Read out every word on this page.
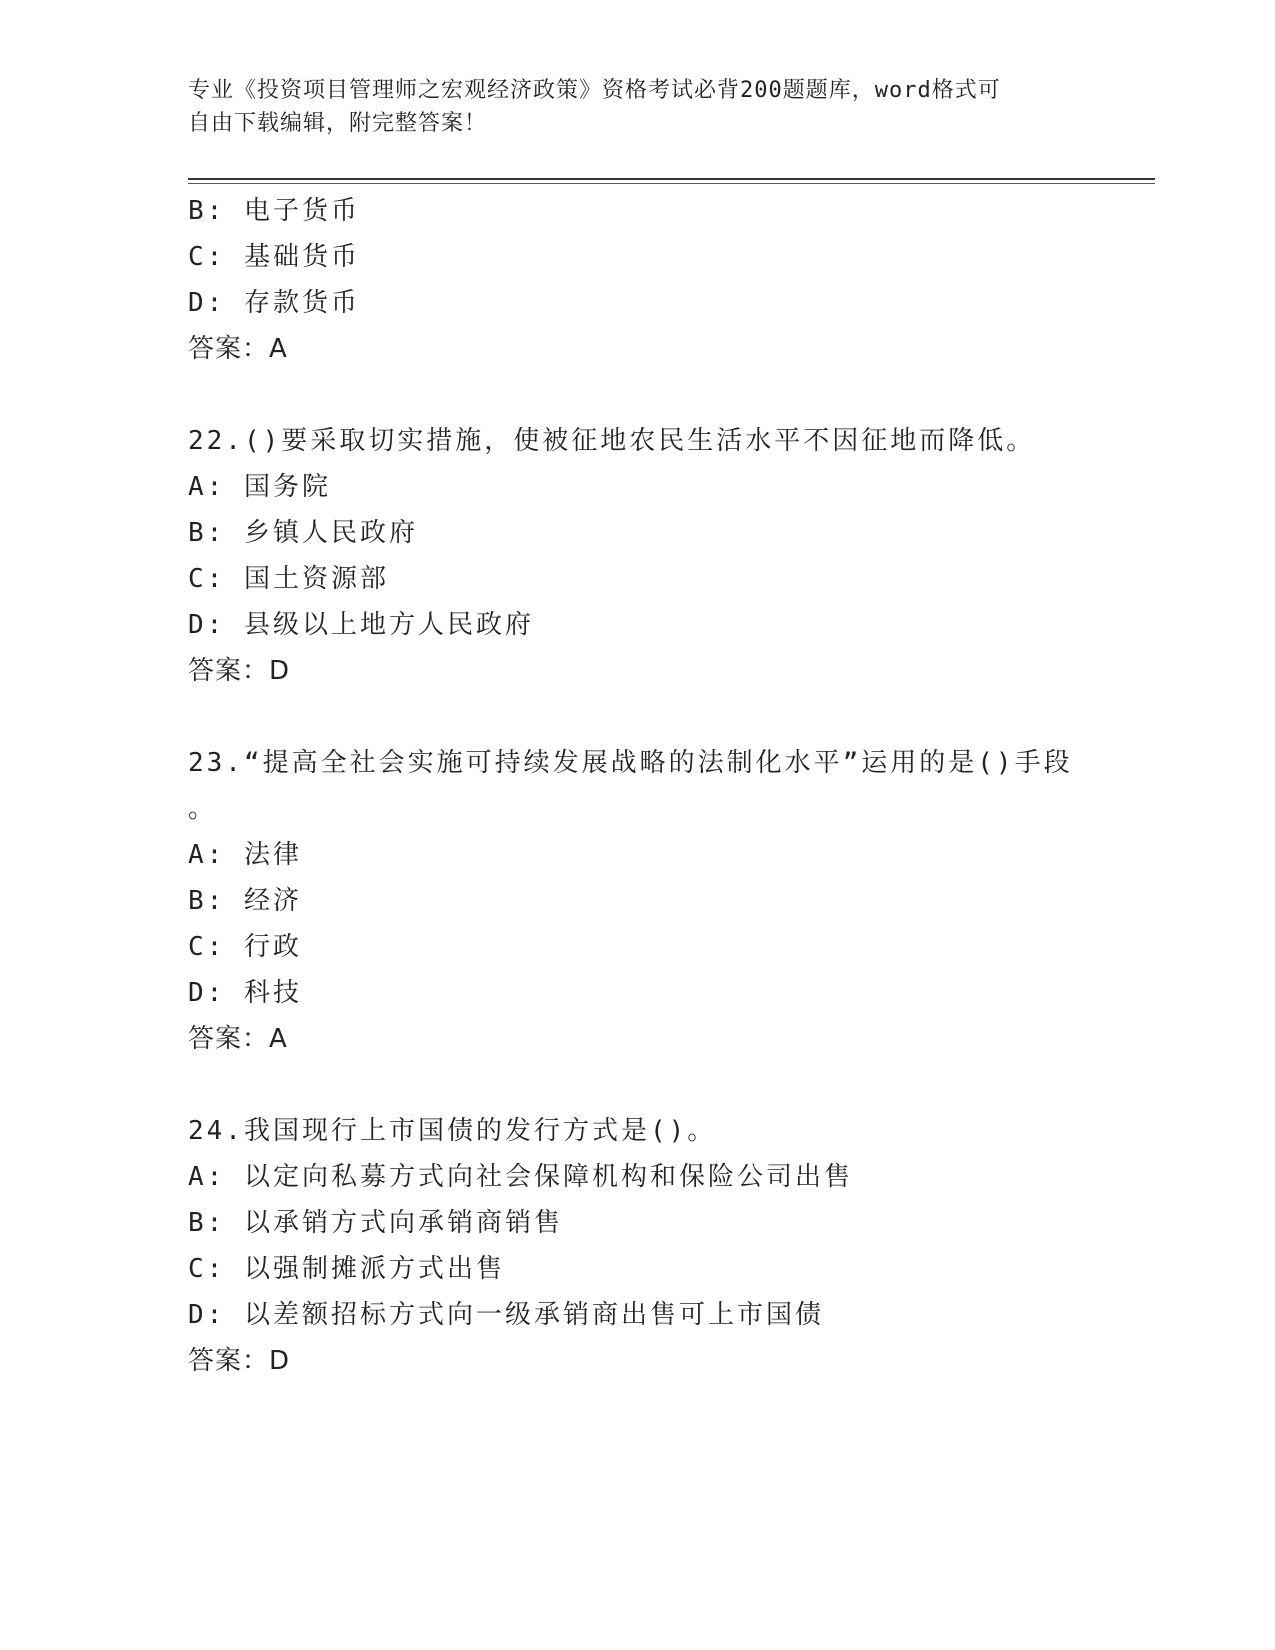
专业《投资项目管理师之宏观经济政策》资格考试必背200题题库，word格式可
自由下载编辑，附完整答案！
B: 电子货币
C: 基础货币
D: 存款货币
答案：A
22.()要采取切实措施，使被征地农民生活水平不因征地而降低。
A: 国务院
B: 乡镇人民政府
C: 国土资源部
D: 县级以上地方人民政府
答案：D
23.“提高全社会实施可持续发展战略的法制化水平”运用的是()手段
。
A: 法律
B: 经济
C: 行政
D: 科技
答案：A
24.我国现行上市国债的发行方式是()。
A: 以定向私募方式向社会保障机构和保险公司出售
B: 以承销方式向承销商销售
C: 以强制摊派方式出售
D: 以差额招标方式向一级承销商出售可上市国债
答案：D
